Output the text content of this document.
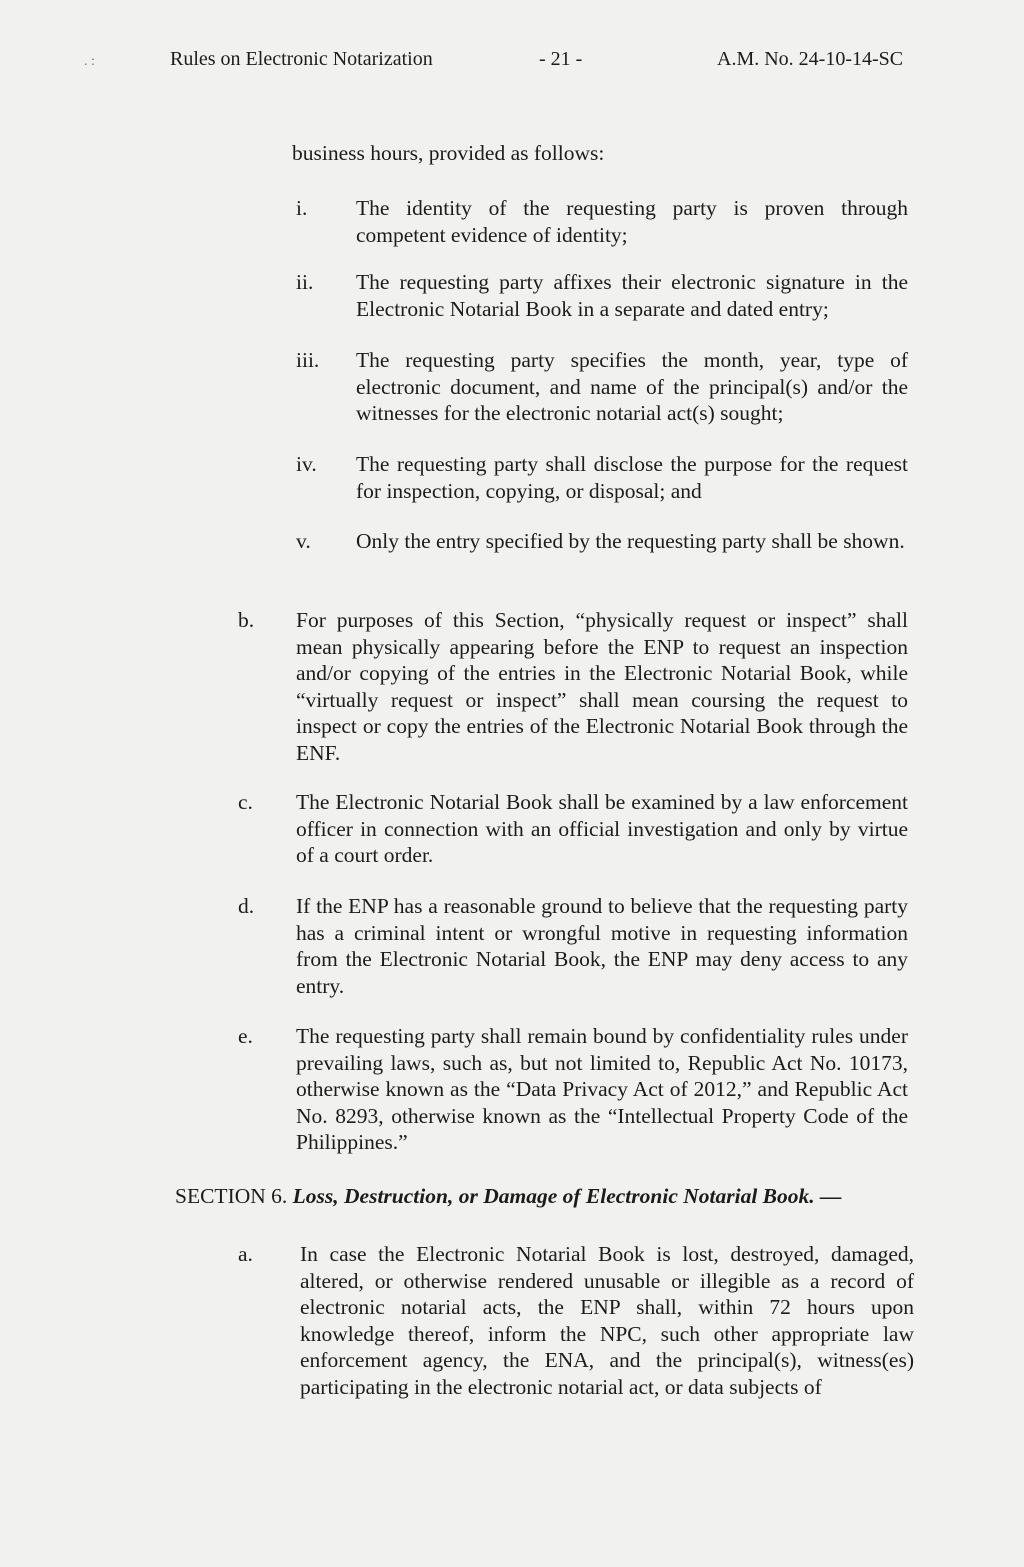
. :	Rules on Electronic Notarization	- 21 -	A.M. No. 24-10-14-SC
business hours, provided as follows:
i. The identity of the requesting party is proven through competent evidence of identity;
ii. The requesting party affixes their electronic signature in the Electronic Notarial Book in a separate and dated entry;
iii. The requesting party specifies the month, year, type of electronic document, and name of the principal(s) and/or the witnesses for the electronic notarial act(s) sought;
iv. The requesting party shall disclose the purpose for the request for inspection, copying, or disposal; and
v. Only the entry specified by the requesting party shall be shown.
b. For purposes of this Section, “physically request or inspect” shall mean physically appearing before the ENP to request an inspection and/or copying of the entries in the Electronic Notarial Book, while “virtually request or inspect” shall mean coursing the request to inspect or copy the entries of the Electronic Notarial Book through the ENF.
c. The Electronic Notarial Book shall be examined by a law enforcement officer in connection with an official investigation and only by virtue of a court order.
d. If the ENP has a reasonable ground to believe that the requesting party has a criminal intent or wrongful motive in requesting information from the Electronic Notarial Book, the ENP may deny access to any entry.
e. The requesting party shall remain bound by confidentiality rules under prevailing laws, such as, but not limited to, Republic Act No. 10173, otherwise known as the “Data Privacy Act of 2012,” and Republic Act No. 8293, otherwise known as the “Intellectual Property Code of the Philippines.”
SECTION 6. Loss, Destruction, or Damage of Electronic Notarial Book. —
a. In case the Electronic Notarial Book is lost, destroyed, damaged, altered, or otherwise rendered unusable or illegible as a record of electronic notarial acts, the ENP shall, within 72 hours upon knowledge thereof, inform the NPC, such other appropriate law enforcement agency, the ENA, and the principal(s), witness(es) participating in the electronic notarial act, or data subjects of
